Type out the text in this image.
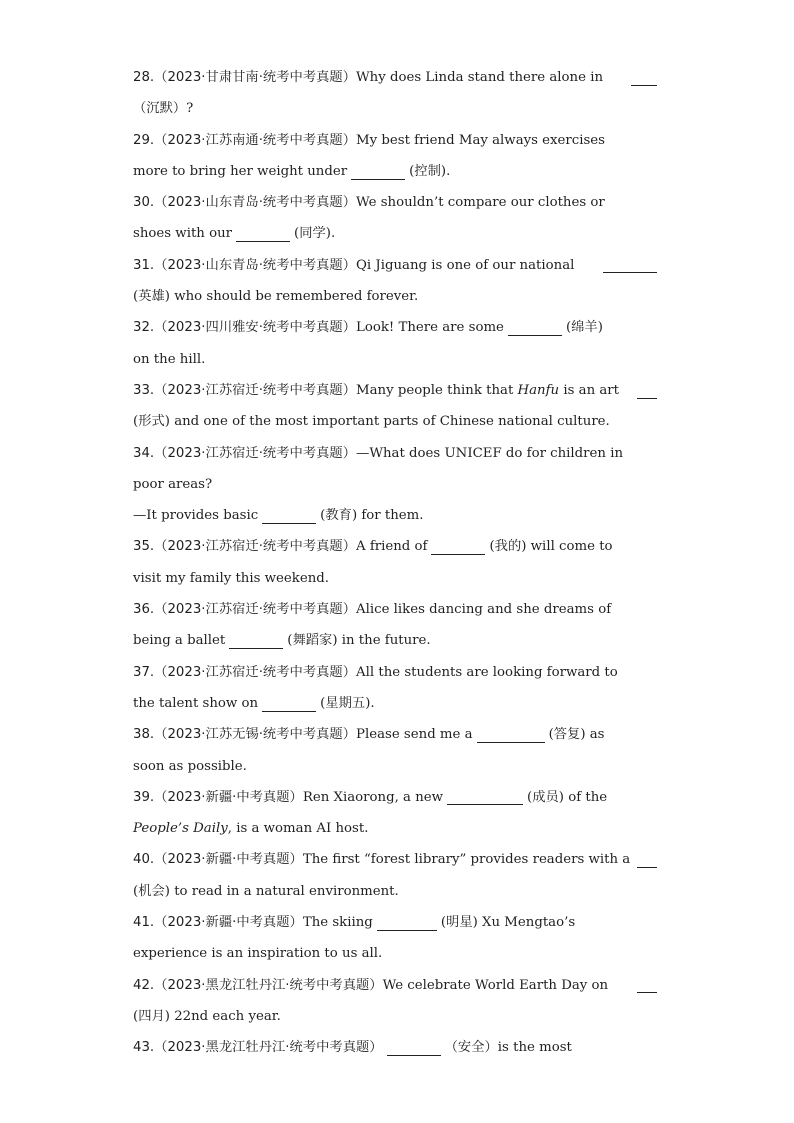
28.（2023·甘肃甘南·统考中考真题）Why does Linda stand there alone in
（沉默）?
29. （2023·江苏南通·统考中考真题） My best friend May always exercises
more to bring her weight under	(控制).
30. （2023·山东青岛·统考中考真题） We shouldn’t compare our clothes or
shoes with our	(同学).
31.（2023·山东青岛·统考中考真题）Qi Jiguang is one of our national
(英雄) who should be remembered forever.
32. （2023·四川雅安·统考中考真题） Look! There are some	(绵羊)
on the hill.
33.（2023·江苏宿迁·统考中考真题）Many people think that Hanfu is an art
(形式) and one of the most important parts of Chinese national culture.
34. （2023·江苏宿迁·统考中考真题） —What does UNICEF do for children in
poor areas?
—It provides basic	(教育) for them.
35. （2023·江苏宿迁·统考中考真题） A friend of	(我的) will come to
visit my family this weekend.
36. （2023·江苏宿迁·统考中考真题） Alice likes dancing and she dreams of
being a ballet	(舞蹈家) in the future.
37. （2023·江苏宿迁·统考中考真题） All the students are looking forward to
the talent show on	(星期五).
38. （2023·江苏无锡·统考中考真题） Please send me a	(答复) as
soon as possible.
39. （2023·新疆·中考真题） Ren Xiaorong, a new	(成员) of the
People’s Daily , is a woman AI host.
40.（2023·新疆·中考真题）The first “forest library” provides readers with a
(机会) to read in a natural environment.
41. （2023·新疆·中考真题） The skiing	(明星) Xu Mengtao’s
experience is an inspiration to us all.
42.（2023·黑龙江牡丹江·统考中考真题）We celebrate World Earth Day on
(四月) 22nd each year.
43. （2023·黑龙江牡丹江·统考中考真题）	（安全）is the most
